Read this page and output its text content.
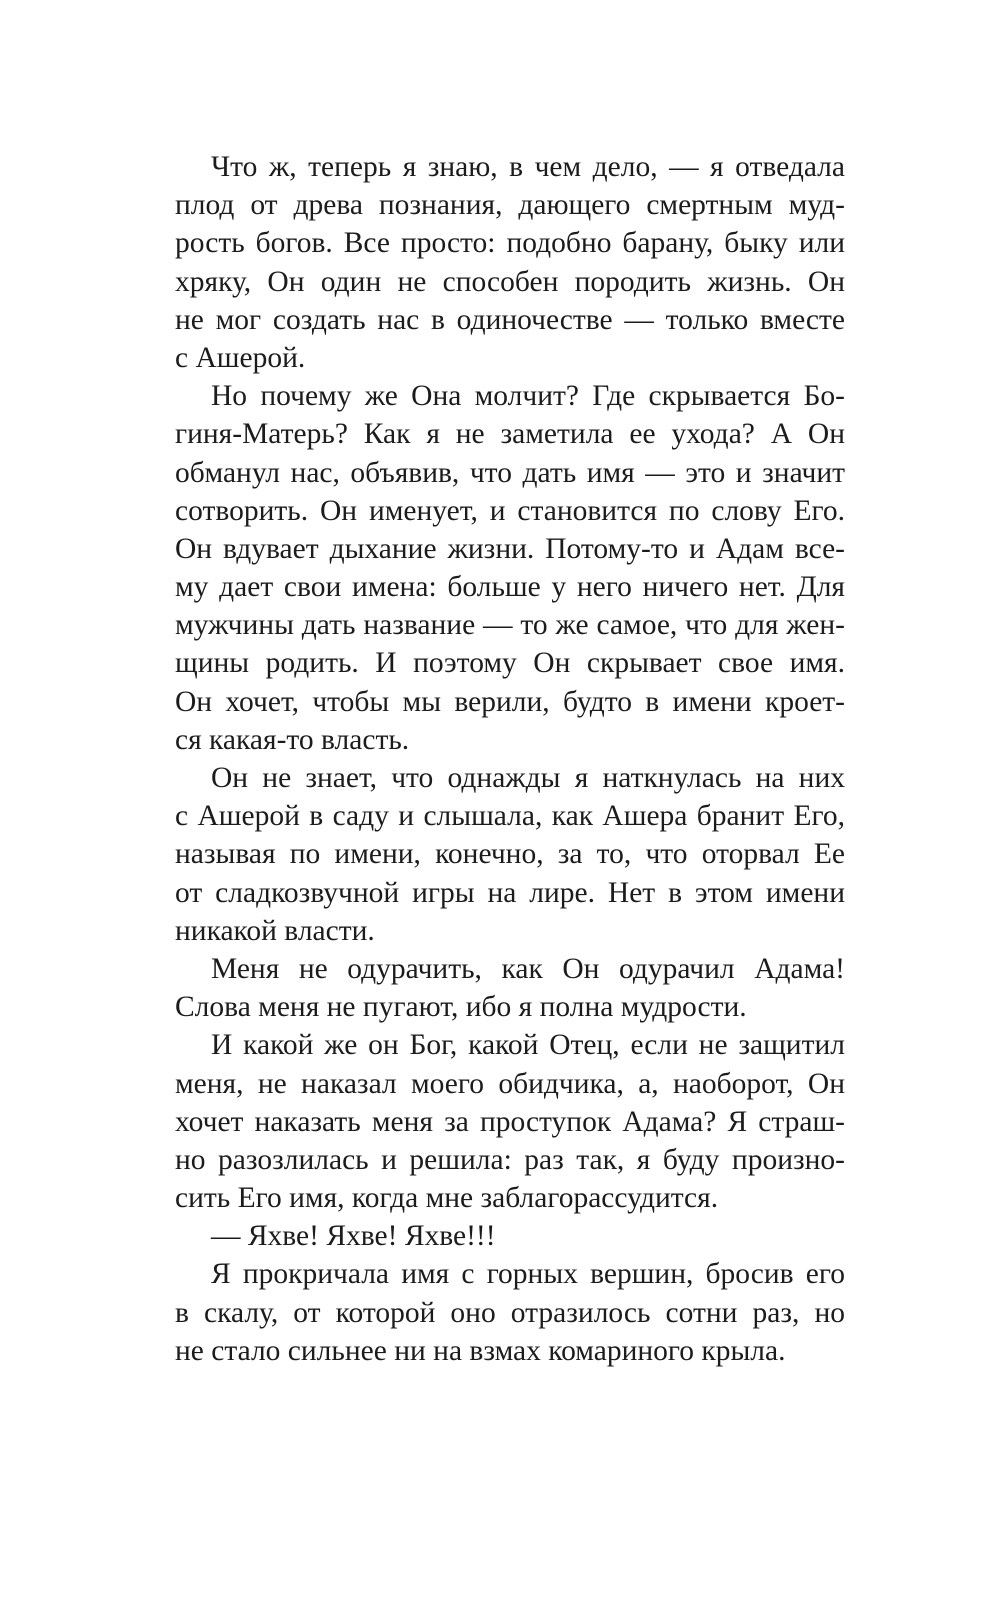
Что ж, теперь я знаю, в чем дело, — я отведала
плод от древа познания, дающего смертным муд-
рость богов. Все просто: подобно барану, быку или
хряку, Он один не способен породить жизнь. Он
не мог создать нас в одиночестве — только вместе
с Ашерой.
Но почему же Она молчит? Где скрывается Бо-
гиня-Матерь? Как я не заметила ее ухода? А Он
обманул нас, объявив, что дать имя — это и значит
сотворить. Он именует, и становится по слову Его.
Он вдувает дыхание жизни. Потому-то и Адам все-
му дает свои имена: больше у него ничего нет. Для
мужчины дать название — то же самое, что для жен-
щины родить. И поэтому Он скрывает свое имя.
Он хочет, чтобы мы верили, будто в имени кроет-
ся какая-то власть.
Он не знает, что однажды я наткнулась на них
с Ашерой в саду и слышала, как Ашера бранит Его,
называя по имени, конечно, за то, что оторвал Ее
от сладкозвучной игры на лире. Нет в этом имени
никакой власти.
Меня не одурачить, как Он одурачил Адама!
Слова меня не пугают, ибо я полна мудрости.
И какой же он Бог, какой Отец, если не защитил
меня, не наказал моего обидчика, а, наоборот, Он
хочет наказать меня за проступок Адама? Я страш-
но разозлилась и решила: раз так, я буду произно-
сить Его имя, когда мне заблагорассудится.
— Яхве! Яхве! Яхве!!!
Я прокричала имя с горных вершин, бросив его
в скалу, от которой оно отразилось сотни раз, но
не стало сильнее ни на взмах комариного крыла.
